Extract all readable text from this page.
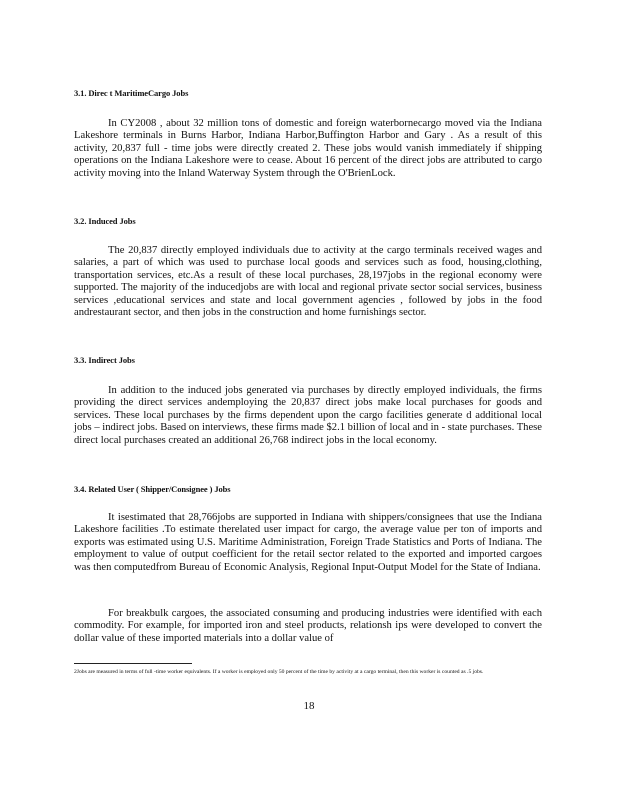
3.1. Direc t MaritimeCargo Jobs

In CY2008 , about 32 million tons of domestic and foreign waterbornecargo moved via the Indiana Lakeshore terminals in Burns Harbor, Indiana Harbor,Buffington Harbor and Gary . As a result of this activity, 20,837 full - time jobs were directly created 2. These jobs would vanish immediately if shipping operations on the Indiana Lakeshore were to cease. About 16 percent of the direct jobs are attributed to cargo activity moving into the Inland Waterway System through the O'BrienLock.

3.2. Induced Jobs

The 20,837 directly employed individuals due to activity at the cargo terminals received wages and salaries, a part of which was used to purchase local goods and services such as food, housing,clothing, transportation services, etc.As a result of these local purchases, 28,197jobs in the regional economy were supported. The majority of the inducedjobs are with local and regional private sector social services, business services ,educational services and state and local government agencies , followed by jobs in the food andrestaurant sector, and then jobs in the construction and home furnishings sector.

3.3. Indirect Jobs

In addition to the induced jobs generated via purchases by directly employed individuals, the firms providing the direct services andemploying the 20,837 direct jobs make local purchases for goods and services. These local purchases by the firms dependent upon the cargo facilities generate d additional local jobs – indirect jobs. Based on interviews, these firms made $2.1 billion of local and in - state purchases. These direct local purchases created an additional 26,768 indirect jobs in the local economy.

3.4. Related User ( Shipper/Consignee ) Jobs

It isestimated that 28,766jobs are supported in Indiana with shippers/consignees that use the Indiana Lakeshore facilities .To estimate therelated user impact for cargo, the average value per ton of imports and exports was estimated using U.S. Maritime Administration, Foreign Trade Statistics and Ports of Indiana. The employment to value of output coefficient for the retail sector related to the exported and imported cargoes was then computedfrom Bureau of Economic Analysis, Regional Input-Output Model for the State of Indiana.

For breakbulk cargoes, the associated consuming and producing industries were identified with each commodity. For example, for imported iron and steel products, relationsh ips were developed to convert the dollar value of these imported materials into a dollar value of

2Jobs are measured in terms of full -time worker equivalents. If a worker is employed only 50 percent of the time by activity at a cargo terminal, then this worker is counted as .5 jobs.

18
